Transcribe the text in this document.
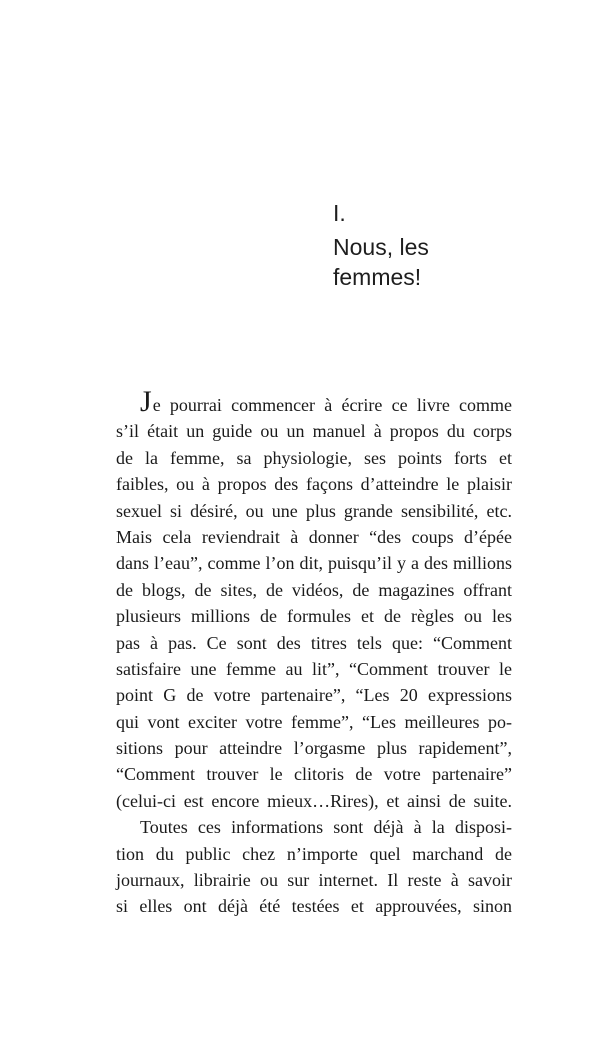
I.
Nous, les
femmes!
Je pourrai commencer à écrire ce livre comme
s’il était un guide ou un manuel à propos du corps
de la femme, sa physiologie, ses points forts et
faibles, ou à propos des façons d’atteindre le plaisir
sexuel si désiré, ou une plus grande sensibilité, etc.
Mais cela reviendrait à donner “des coups d’épée
dans l’eau”, comme l’on dit, puisqu’il y a des millions
de blogs, de sites, de vidéos, de magazines offrant
plusieurs millions de formules et de règles ou les
pas à pas. Ce sont des titres tels que: “Comment
satisfaire une femme au lit”, “Comment trouver le
point G de votre partenaire”, “Les 20 expressions
qui vont exciter votre femme”, “Les meilleures po-
sitions pour atteindre l’orgasme plus rapidement”,
“Comment trouver le clitoris de votre partenaire”
(celui-ci est encore mieux…Rires), et ainsi de suite.
Toutes ces informations sont déjà à la disposi-
tion du public chez n’importe quel marchand de
journaux, librairie ou sur internet. Il reste à savoir
si elles ont déjà été testées et approuvées, sinon
